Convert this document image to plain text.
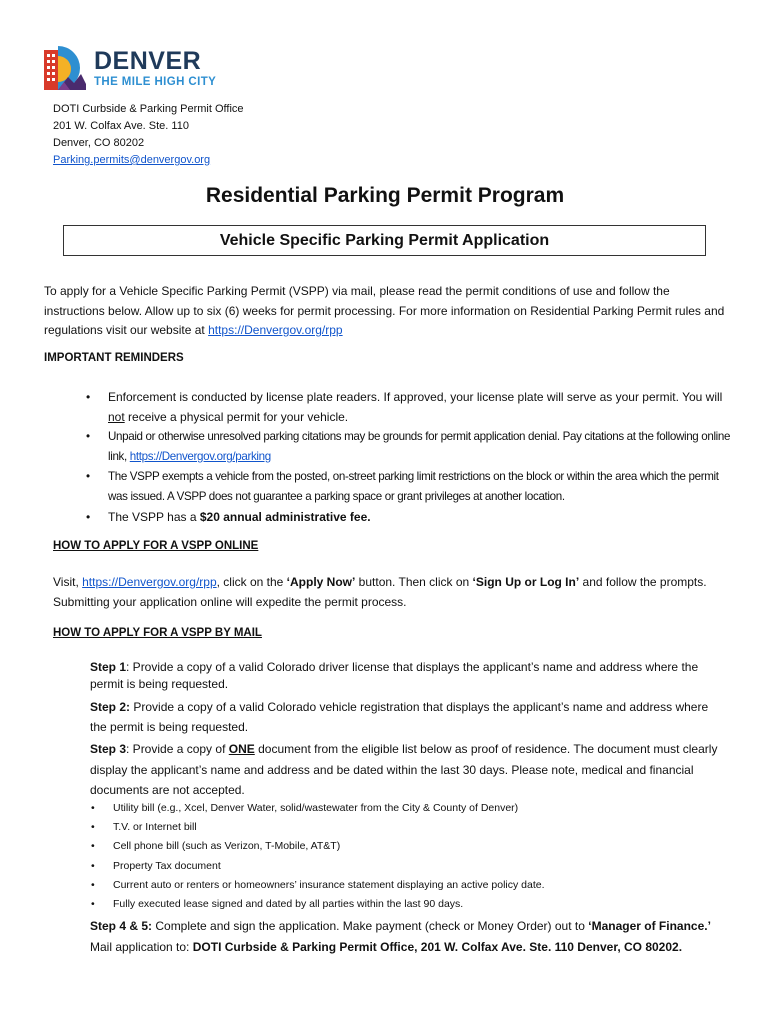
DENVER
THE MILE HIGH CITY
DOTI Curbside & Parking Permit Office
201 W. Colfax Ave. Ste. 110
Denver, CO 80202
Parking.permits@denvergov.org
Residential Parking Permit Program
Vehicle Specific Parking Permit Application
To apply for a Vehicle Specific Parking Permit (VSPP) via mail, please read the permit conditions of use and follow the instructions below. Allow up to six (6) weeks for permit processing. For more information on Residential Parking Permit rules and regulations visit our website at https://Denvergov.org/rpp
IMPORTANT REMINDERS
• Enforcement is conducted by license plate readers. If approved, your license plate will serve as your permit. You will not receive a physical permit for your vehicle.
• Unpaid or otherwise unresolved parking citations may be grounds for permit application denial. Pay citations at the following online link, https://Denvergov.org/parking
• The VSPP exempts a vehicle from the posted, on-street parking limit restrictions on the block or within the area which the permit was issued. A VSPP does not guarantee a parking space or grant privileges at another location.
• The VSPP has a $20 annual administrative fee.
HOW TO APPLY FOR A VSPP ONLINE
Visit, https://Denvergov.org/rpp, click on the ‘Apply Now’ button. Then click on ‘Sign Up or Log In’ and follow the prompts. Submitting your application online will expedite the permit process.
HOW TO APPLY FOR A VSPP BY MAIL
Step 1: Provide a copy of a valid Colorado driver license that displays the applicant’s name and address where the permit is being requested.
Step 2: Provide a copy of a valid Colorado vehicle registration that displays the applicant’s name and address where the permit is being requested.
Step 3: Provide a copy of ONE document from the eligible list below as proof of residence. The document must clearly display the applicant’s name and address and be dated within the last 30 days. Please note, medical and financial documents are not accepted.
• Utility bill (e.g., Xcel, Denver Water, solid/wastewater from the City & County of Denver)
• T.V. or Internet bill
• Cell phone bill (such as Verizon, T-Mobile, AT&T)
• Property Tax document
• Current auto or renters or homeowners’ insurance statement displaying an active policy date.
• Fully executed lease signed and dated by all parties within the last 90 days.
Step 4 & 5: Complete and sign the application. Make payment (check or Money Order) out to ‘Manager of Finance.’ Mail application to: DOTI Curbside & Parking Permit Office, 201 W. Colfax Ave. Ste. 110 Denver, CO 80202.
